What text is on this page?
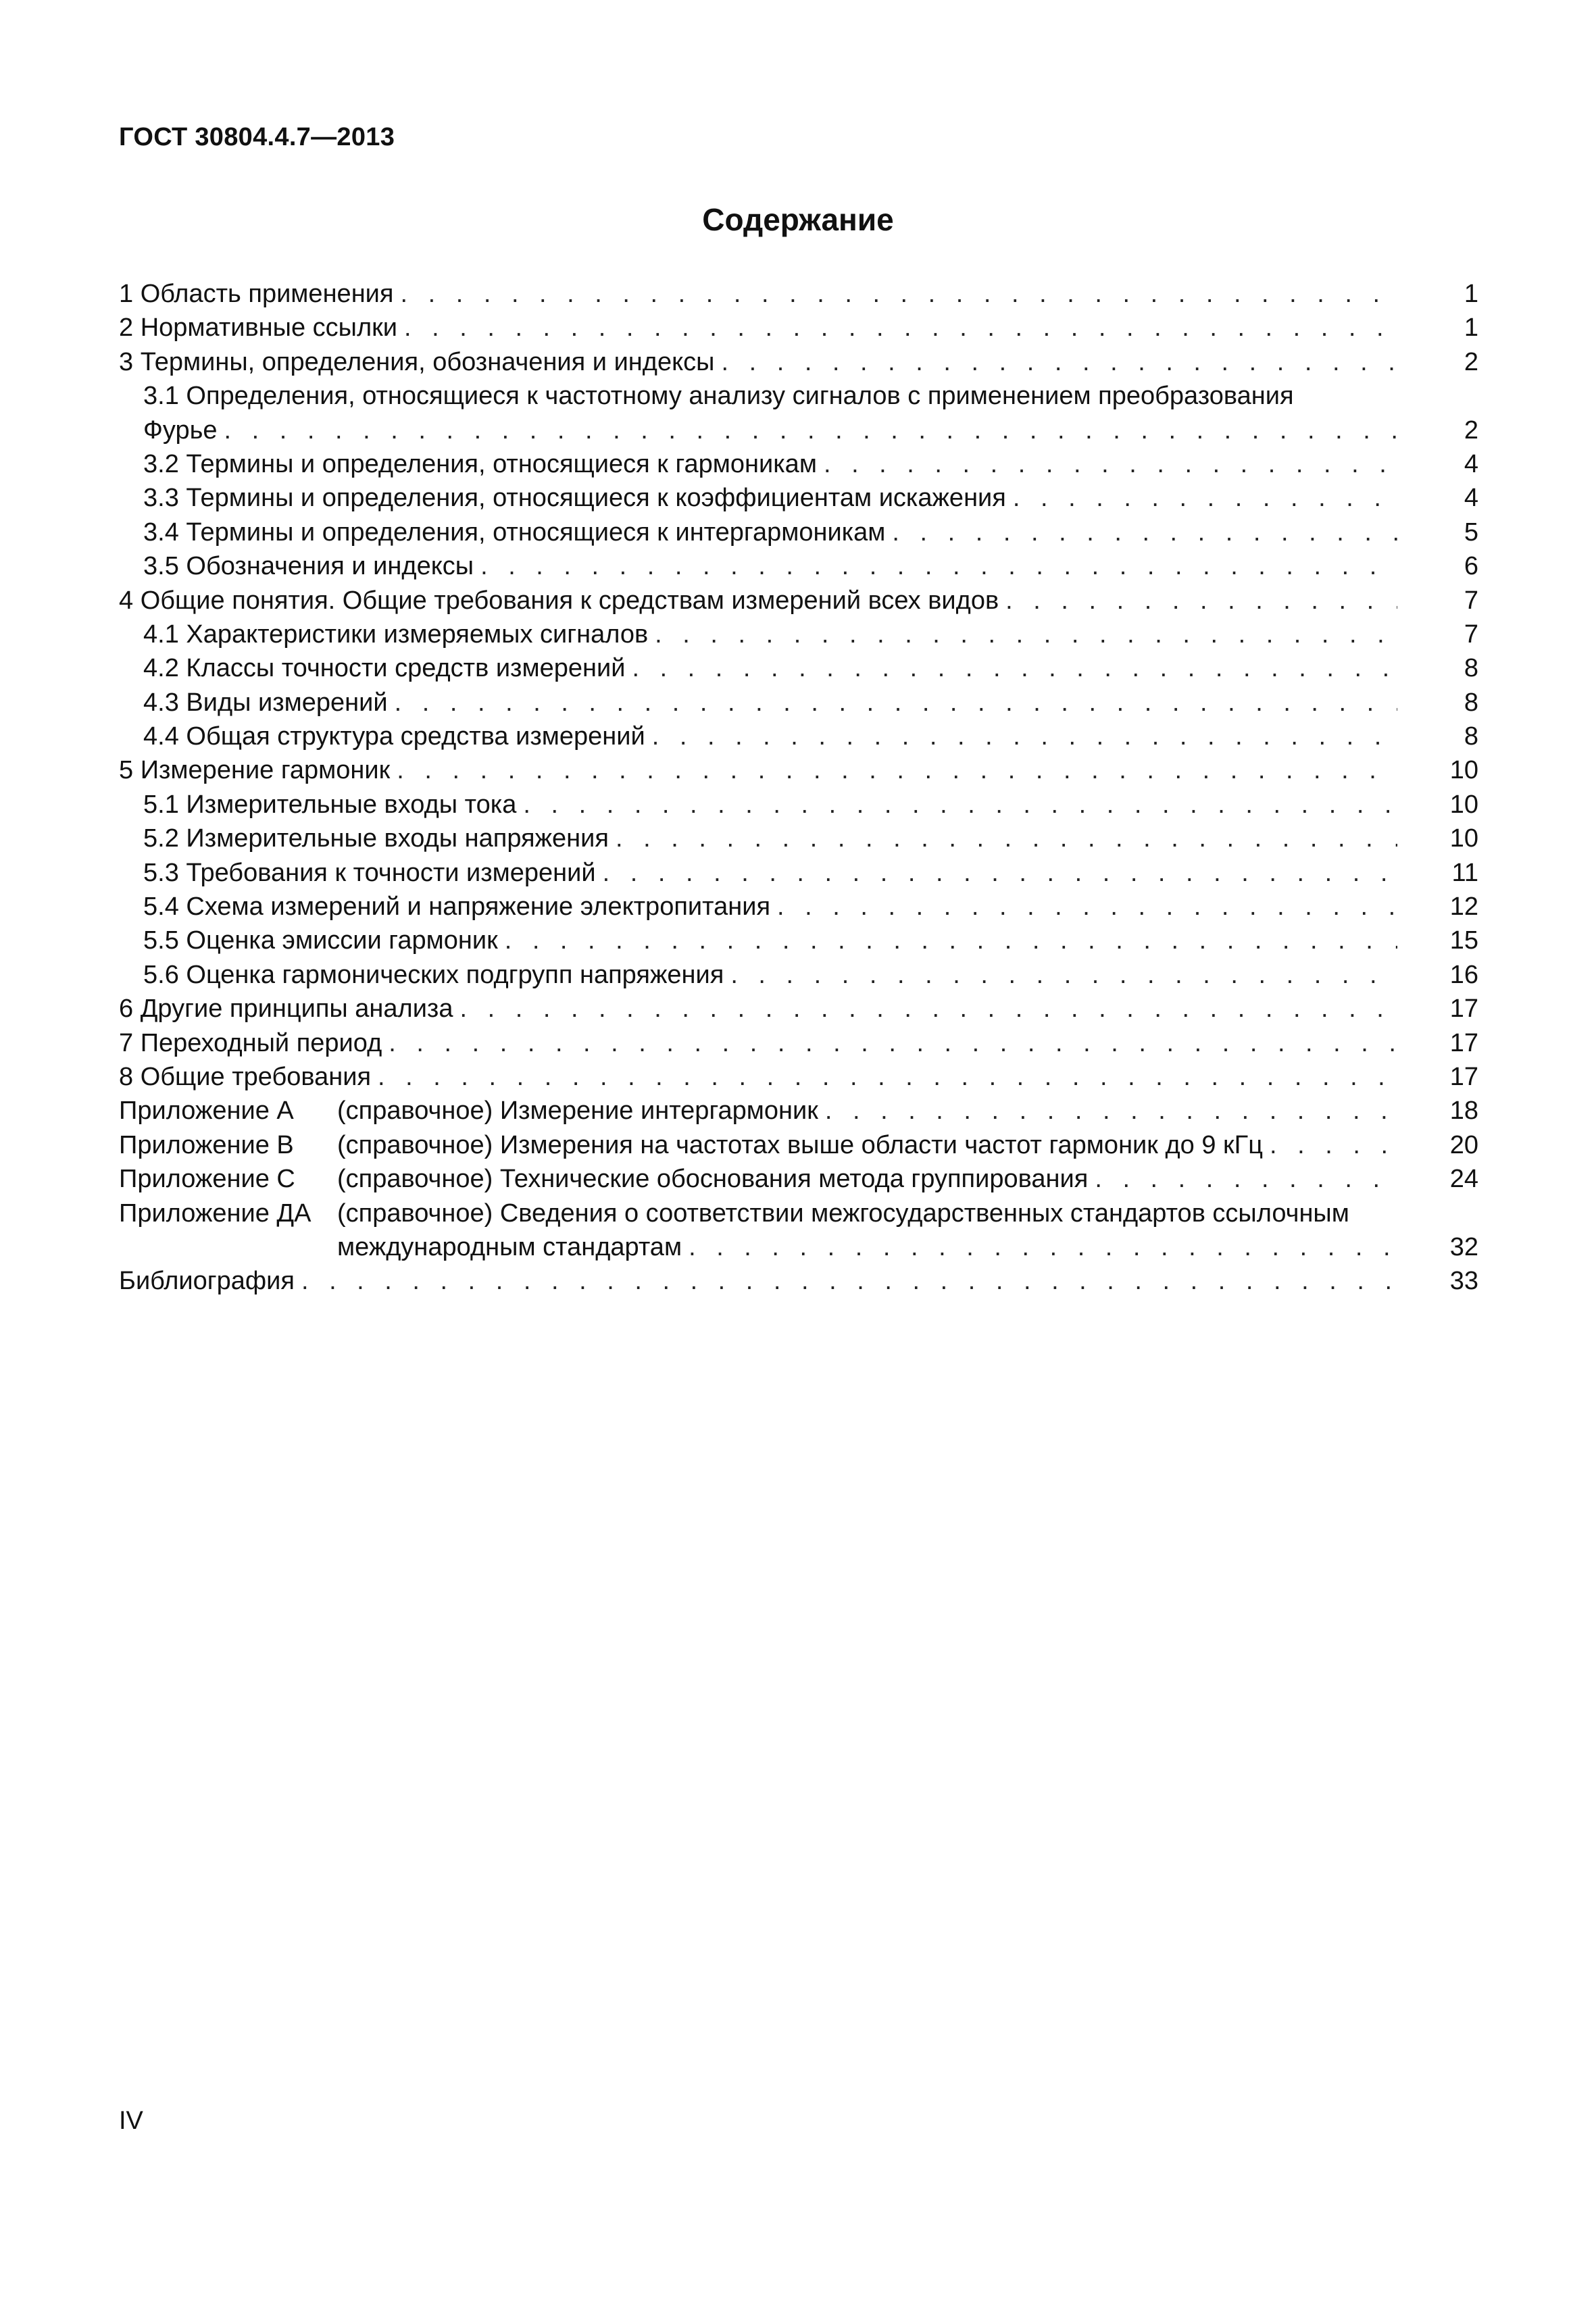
ГОСТ 30804.4.7—2013
Содержание
1 Область применения . . .	1
2 Нормативные ссылки . . .	1
3 Термины, определения, обозначения и индексы . . .	2
3.1 Определения, относящиеся к частотному анализу сигналов с применением преобразования
Фурье . . .	2
3.2 Термины и определения, относящиеся к гармоникам . . .	4
3.3 Термины и определения, относящиеся к коэффициентам искажения . . .	4
3.4 Термины и определения, относящиеся к интергармоникам . . .	5
3.5 Обозначения и индексы . . .	6
4 Общие понятия. Общие требования к средствам измерений всех видов . . .	7
4.1 Характеристики измеряемых сигналов . . .	7
4.2 Классы точности средств измерений . . .	8
4.3 Виды измерений . . .	8
4.4 Общая структура средства измерений . . .	8
5 Измерение гармоник . . .	10
5.1 Измерительные входы тока . . .	10
5.2 Измерительные входы напряжения . . .	10
5.3 Требования к точности измерений . . .	11
5.4 Схема измерений и напряжение электропитания . . .	12
5.5 Оценка эмиссии гармоник . . .	15
5.6 Оценка гармонических подгрупп напряжения . . .	16
6 Другие принципы анализа . . .	17
7 Переходный период . . .	17
8 Общие требования . . .	17
Приложение А (справочное) Измерение интергармоник . . .	18
Приложение В (справочное) Измерения на частотах выше области частот гармоник до 9 кГц . . .	20
Приложение С (справочное) Технические обоснования метода группирования . . .	24
Приложение ДА (справочное) Сведения о соответствии межгосударственных стандартов ссылочным
международным стандартам . . .	32
Библиография . . .	33
IV
